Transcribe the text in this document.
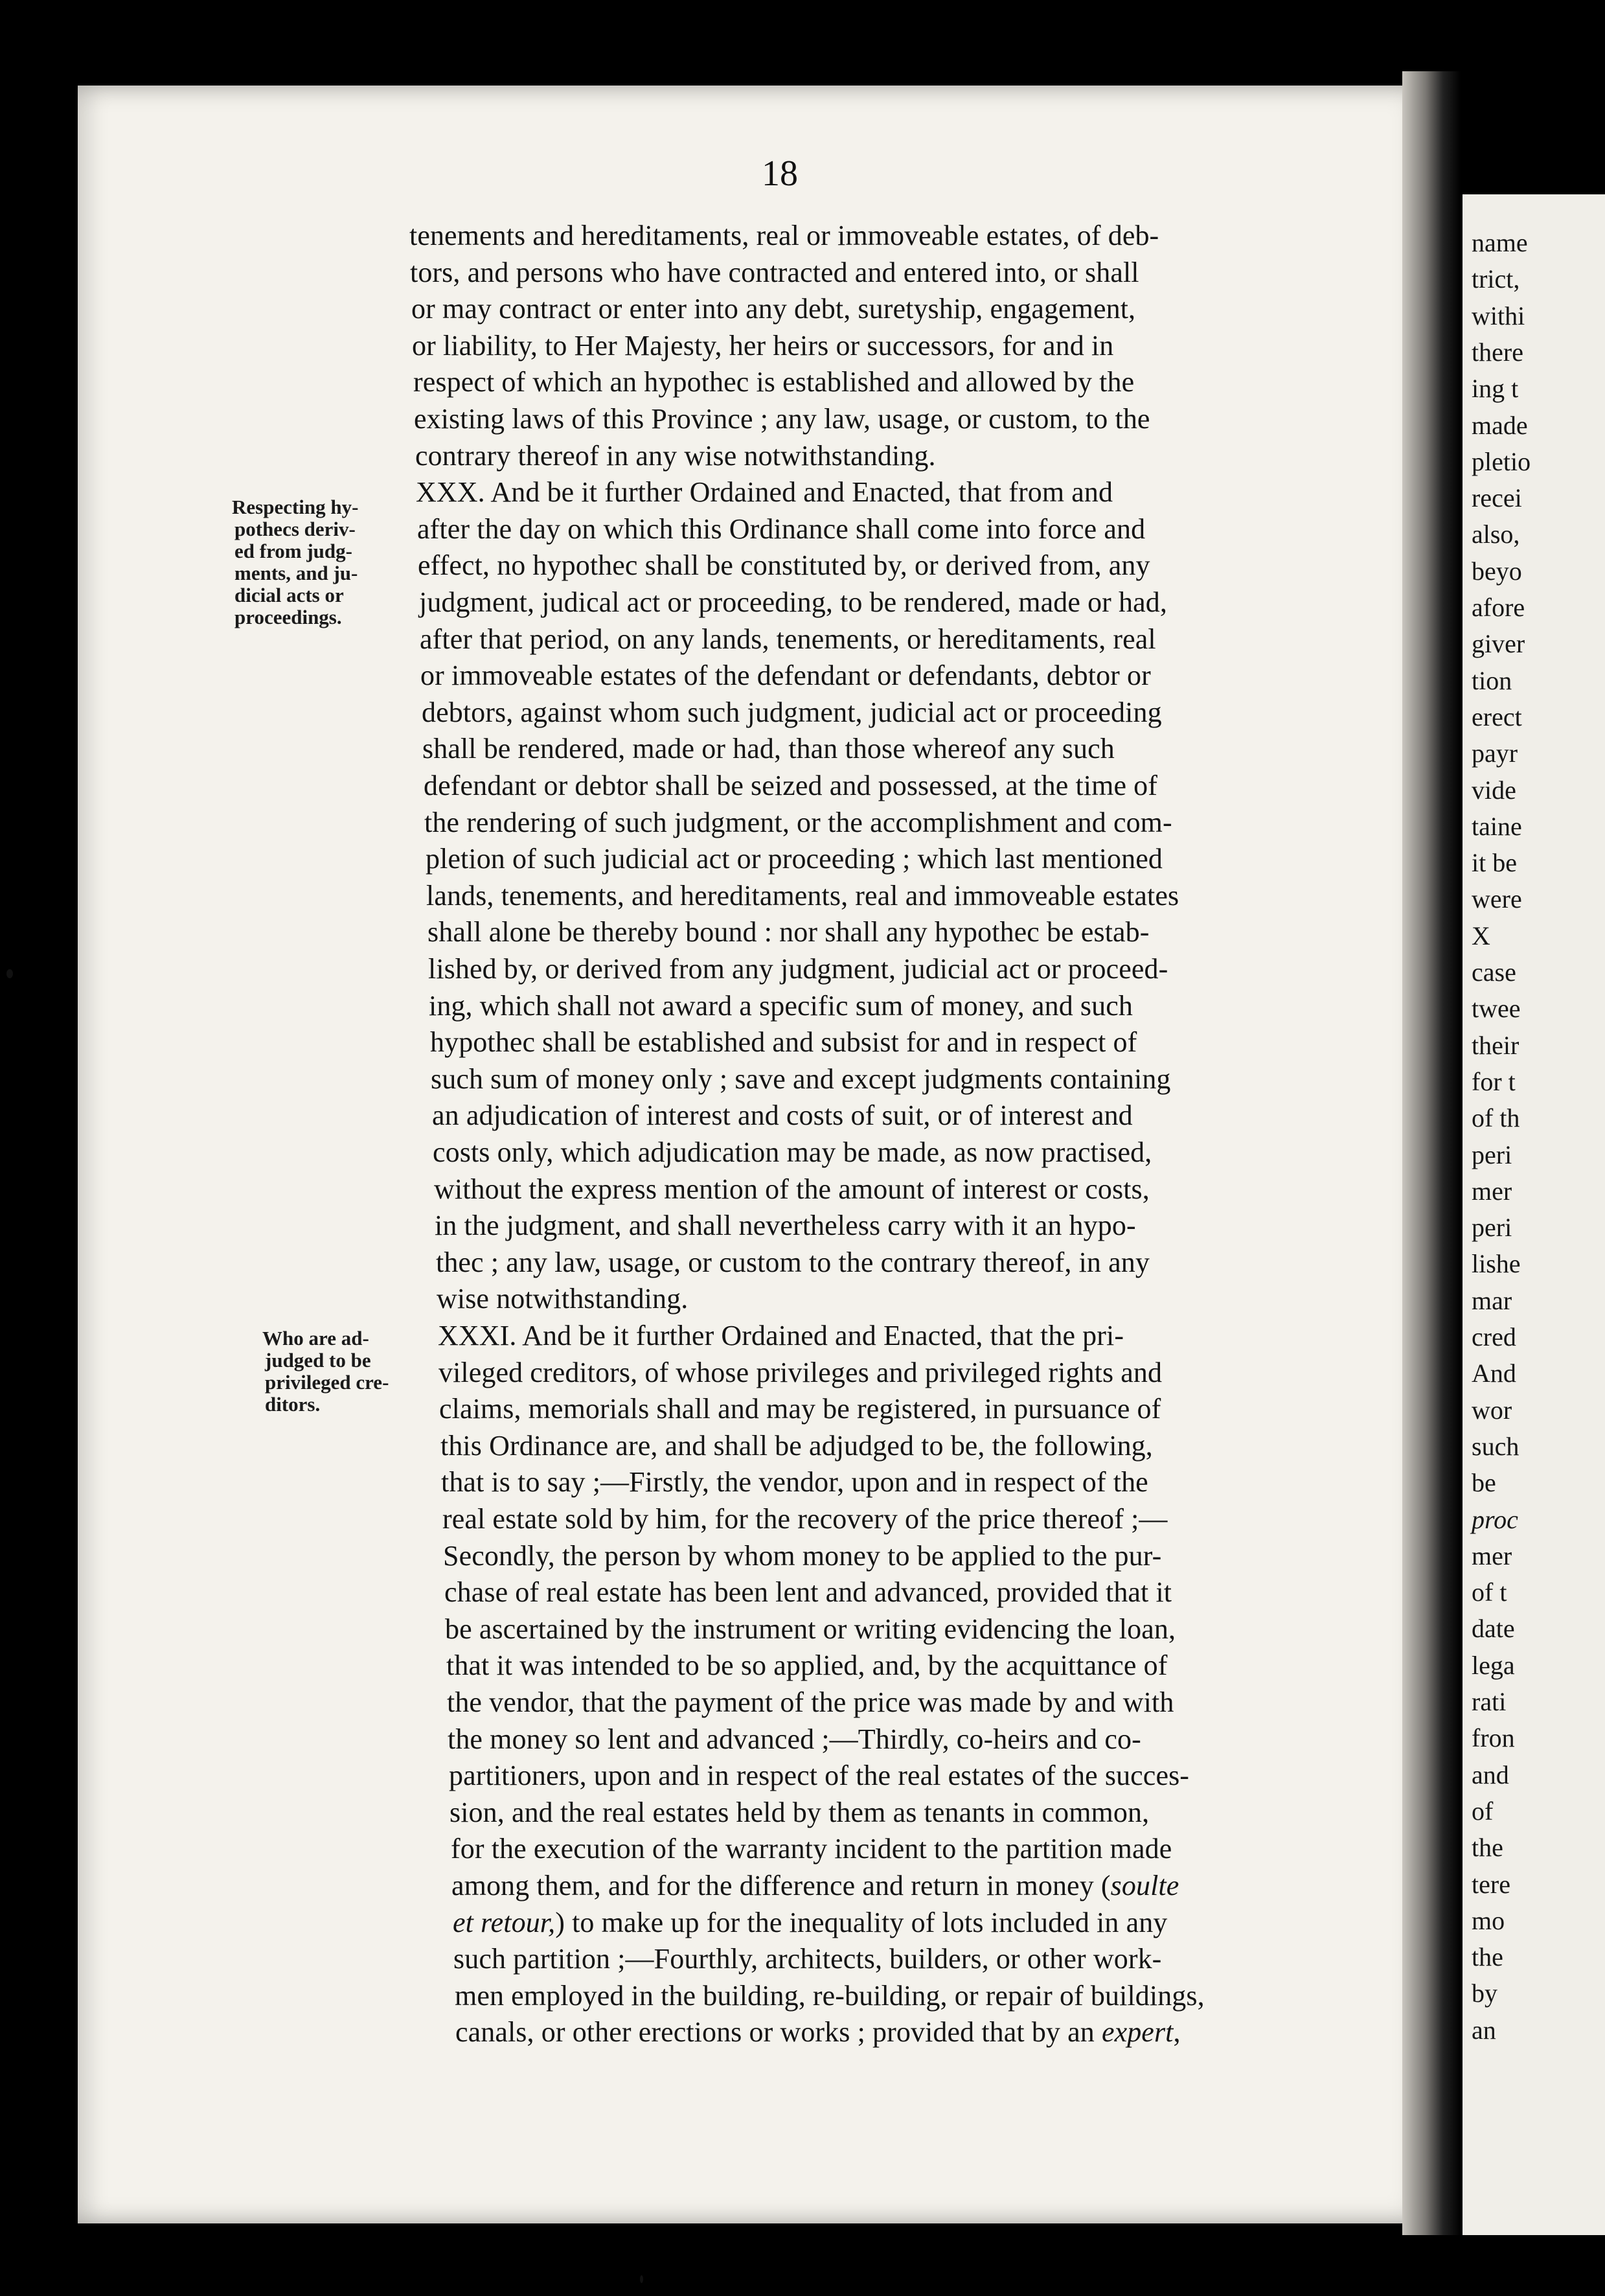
name
trict,
withi
there
ing t
made
pletio
recei
also,
beyo
afore
giver
tion
erect
payr
vide
taine
it be
were
X
case
twee
their
for t
of th
peri
mer
peri
lishe
mar
cred
And
wor
such
be
proc
mer
of t
date
lega
rati
fron
and
of
the
tere
mo
the
by
an
18
tenements and hereditaments, real or immoveable estates, of deb-
tors, and persons who have contracted and entered into, or shall
or may contract or enter into any debt, suretyship, engagement,
or liability, to Her Majesty, her heirs or successors, for and in
respect of which an hypothec is established and allowed by the
existing laws of this Province ; any law, usage, or custom, to the
contrary thereof in any wise notwithstanding.
XXX. And be it further Ordained and Enacted, that from and
after the day on which this Ordinance shall come into force and
effect, no hypothec shall be constituted by, or derived from, any
judgment, judical act or proceeding, to be rendered, made or had,
after that period, on any lands, tenements, or hereditaments, real
or immoveable estates of the defendant or defendants, debtor or
debtors, against whom such judgment, judicial act or proceeding
shall be rendered, made or had, than those whereof any such
defendant or debtor shall be seized and possessed, at the time of
the rendering of such judgment, or the accomplishment and com-
pletion of such judicial act or proceeding ; which last mentioned
lands, tenements, and hereditaments, real and immoveable estates
shall alone be thereby bound : nor shall any hypothec be estab-
lished by, or derived from any judgment, judicial act or proceed-
ing, which shall not award a specific sum of money, and such
hypothec shall be established and subsist for and in respect of
such sum of money only ; save and except judgments containing
an adjudication of interest and costs of suit, or of interest and
costs only, which adjudication may be made, as now practised,
without the express mention of the amount of interest or costs,
in the judgment, and shall nevertheless carry with it an hypo-
thec ; any law, usage, or custom to the contrary thereof, in any
wise notwithstanding.
XXXI. And be it further Ordained and Enacted, that the pri-
vileged creditors, of whose privileges and privileged rights and
claims, memorials shall and may be registered, in pursuance of
this Ordinance are, and shall be adjudged to be, the following,
that is to say ;—Firstly, the vendor, upon and in respect of the
real estate sold by him, for the recovery of the price thereof ;—
Secondly, the person by whom money to be applied to the pur-
chase of real estate has been lent and advanced, provided that it
be ascertained by the instrument or writing evidencing the loan,
that it was intended to be so applied, and, by the acquittance of
the vendor, that the payment of the price was made by and with
the money so lent and advanced ;—Thirdly, co-heirs and co-
partitioners, upon and in respect of the real estates of the succes-
sion, and the real estates held by them as tenants in common,
for the execution of the warranty incident to the partition made
among them, and for the difference and return in money (soulte
et retour,) to make up for the inequality of lots included in any
such partition ;—Fourthly, architects, builders, or other work-
men employed in the building, re-building, or repair of buildings,
canals, or other erections or works ; provided that by an expert,
Respecting hy-
pothecs deriv-
ed from judg-
ments, and ju-
dicial acts or
proceedings.
Who are ad-
judged to be
privileged cre-
ditors.
